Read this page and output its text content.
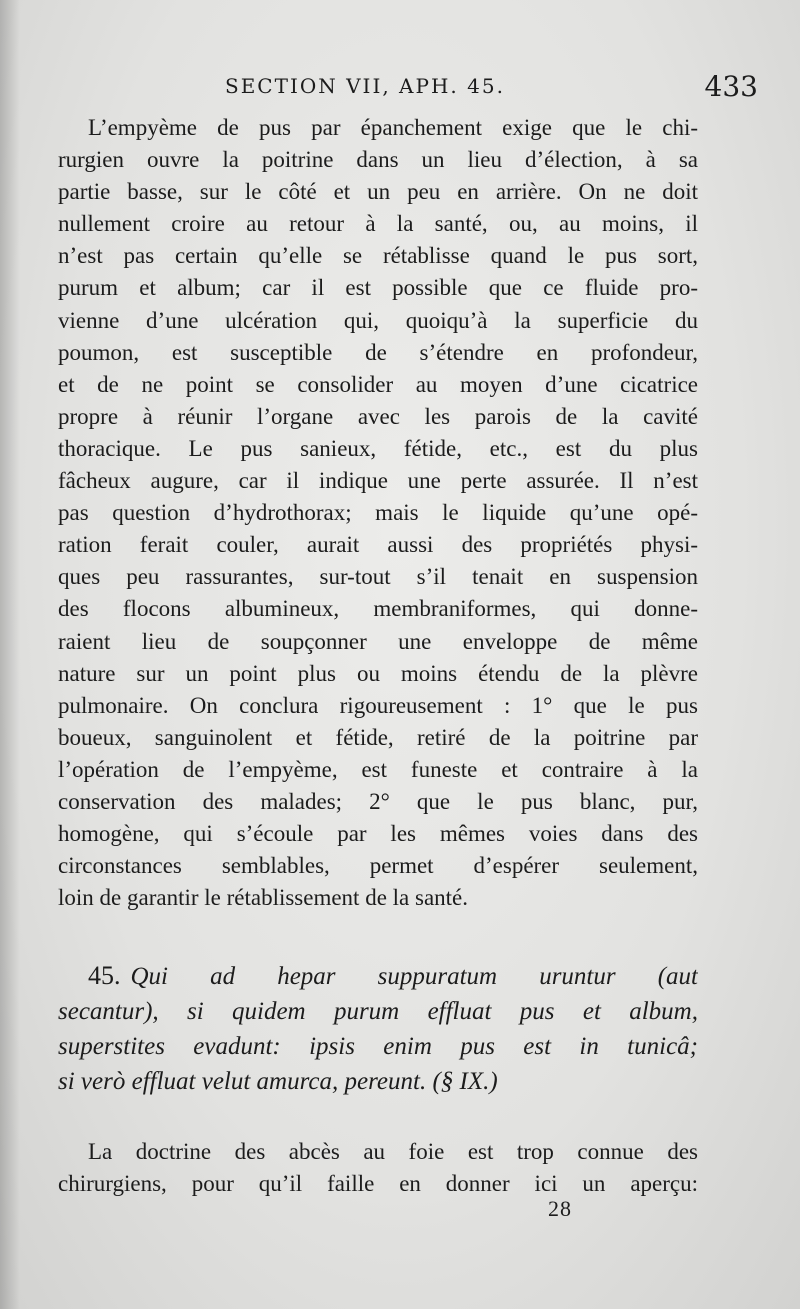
SECTION VII, APH. 45.	433
L’empyème de pus par épanchement exige que le chi-
rurgien ouvre la poitrine dans un lieu d’élection, à sa
partie basse, sur le côté et un peu en arrière. On ne doit
nullement croire au retour à la santé, ou, au moins, il
n’est pas certain qu’elle se rétablisse quand le pus sort,
purum et album; car il est possible que ce fluide pro-
vienne d’une ulcération qui, quoiqu’à la superficie du
poumon, est susceptible de s’étendre en profondeur,
et de ne point se consolider au moyen d’une cicatrice
propre à réunir l’organe avec les parois de la cavité
thoracique. Le pus sanieux, fétide, etc., est du plus
fâcheux augure, car il indique une perte assurée. Il n’est
pas question d’hydrothorax; mais le liquide qu’une opé-
ration ferait couler, aurait aussi des propriétés physi-
ques peu rassurantes, sur-tout s’il tenait en suspension
des flocons albumineux, membraniformes, qui donne-
raient lieu de soupçonner une enveloppe de même
nature sur un point plus ou moins étendu de la plèvre
pulmonaire. On conclura rigoureusement : 1° que le pus
boueux, sanguinolent et fétide, retiré de la poitrine par
l’opération de l’empyème, est funeste et contraire à la
conservation des malades; 2° que le pus blanc, pur,
homogène, qui s’écoule par les mêmes voies dans des
circonstances semblables, permet d’espérer seulement,
loin de garantir le rétablissement de la santé.
45. Qui ad hepar suppuratum uruntur (aut
secantur), si quidem purum effluat pus et album,
superstites evadunt: ipsis enim pus est in tunicâ;
si verò effluat velut amurca, pereunt. (§ IX.)
La doctrine des abcès au foie est trop connue des
chirurgiens, pour qu’il faille en donner ici un aperçu:
28
